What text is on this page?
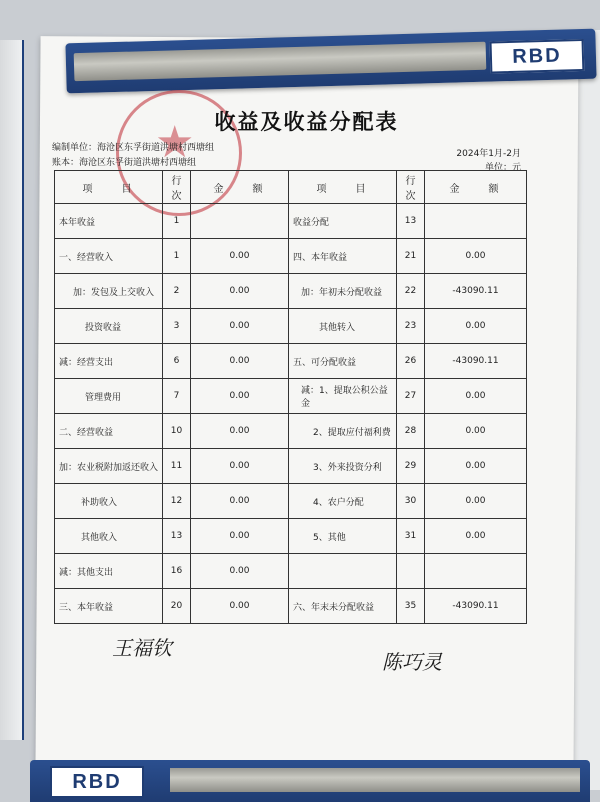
RBD
★ 收益及收益分配表
编制单位：海沧区东孚街道洪塘村西塘组
账本：海沧区东孚街道洪塘村西塘组
2024年1月-2月
单位：元
项　　目	行次	金　　额	项　　目	行次	金　　额
本年收益	1		收益分配	13	
一、经营收入	1	0.00	四、本年收益	21	0.00
加：发包及上交收入	2	0.00	加：年初未分配收益	22	-43090.11
投资收益	3	0.00	其他转入	23	0.00
减：经营支出	6	0.00	五、可分配收益	26	-43090.11
管理费用	7	0.00	减：1、提取公积公益金	27	0.00
二、经营收益	10	0.00	2、提取应付福利费	28	0.00
加：农业税附加返还收入	11	0.00	3、外来投资分利	29	0.00
补助收入	12	0.00	4、农户分配	30	0.00
其他收入	13	0.00	5、其他	31	0.00
减：其他支出	16	0.00			
三、本年收益	20	0.00	六、年末未分配收益	35	-43090.11
王福钦
陈巧灵
RBD
